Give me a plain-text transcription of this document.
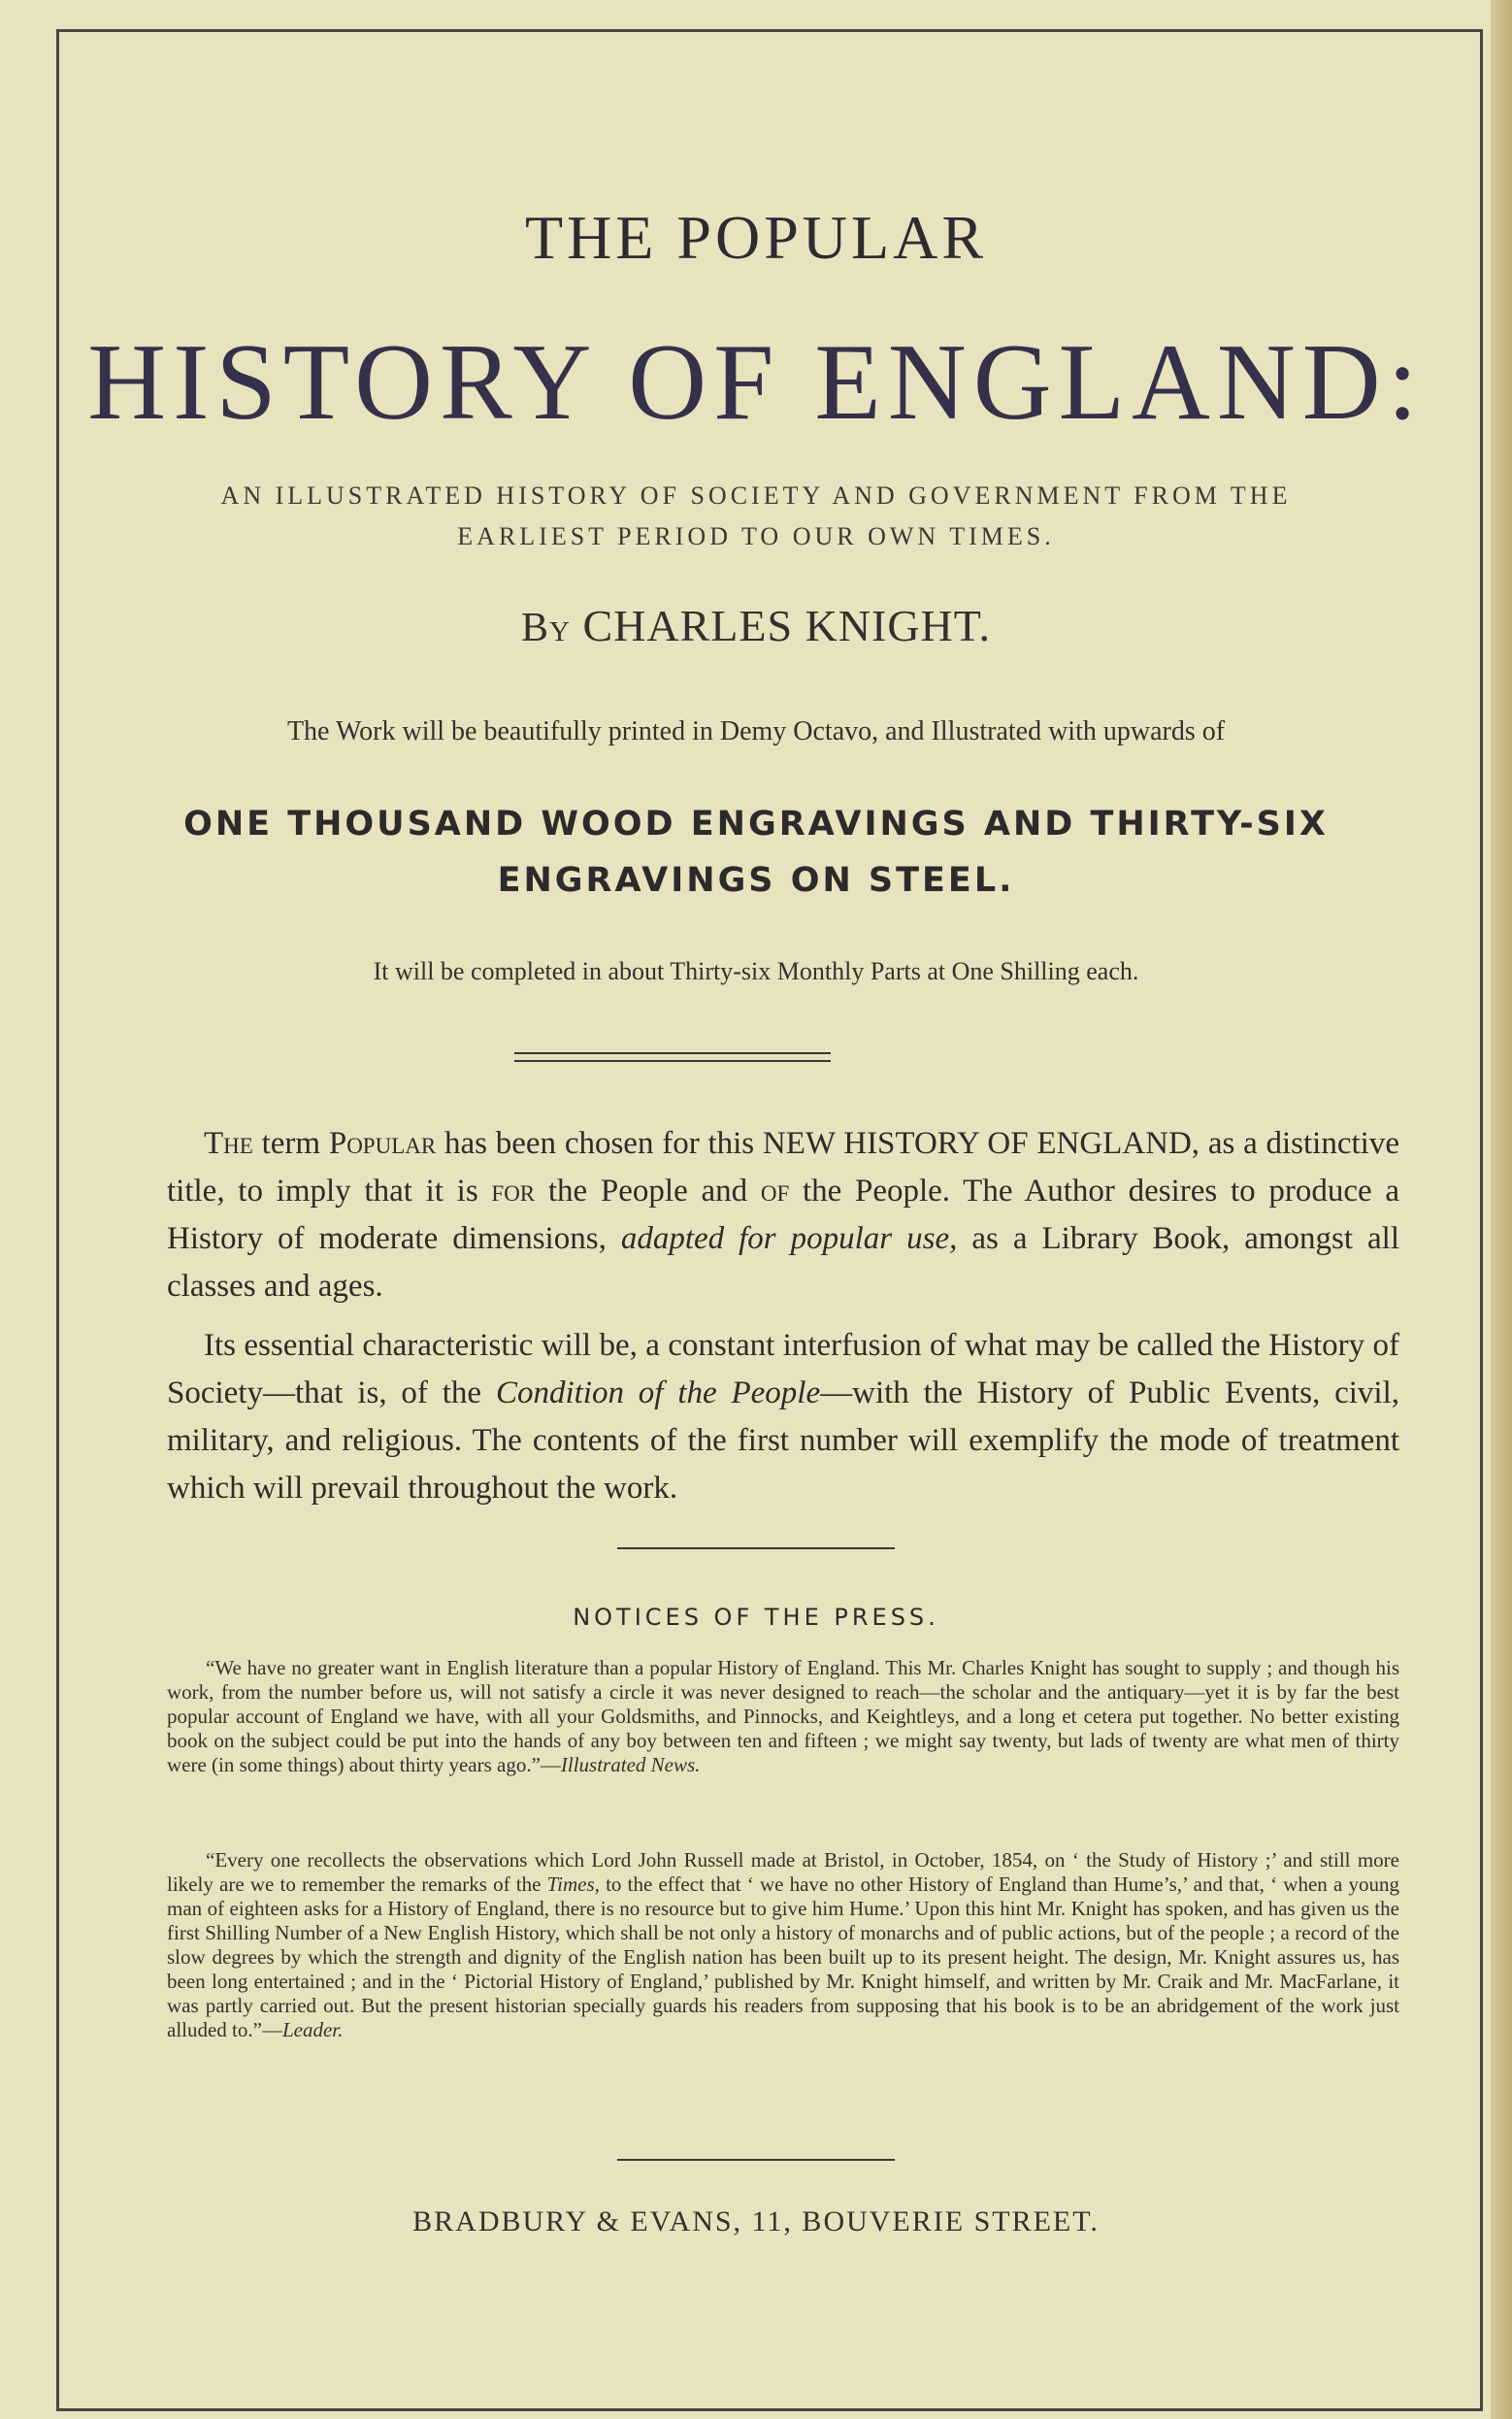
THE POPULAR
HISTORY OF ENGLAND:
AN ILLUSTRATED HISTORY OF SOCIETY AND GOVERNMENT FROM THE
EARLIEST PERIOD TO OUR OWN TIMES.
By CHARLES KNIGHT.
The Work will be beautifully printed in Demy Octavo, and Illustrated with upwards of
ONE THOUSAND WOOD ENGRAVINGS AND THIRTY-SIX
ENGRAVINGS ON STEEL.
It will be completed in about Thirty-six Monthly Parts at One Shilling each.
The term Popular has been chosen for this NEW HISTORY OF ENGLAND, as a distinctive title, to imply that it is for the People and of the People. The Author desires to produce a History of moderate dimensions, adapted for popular use, as a Library Book, amongst all classes and ages.
Its essential characteristic will be, a constant interfusion of what may be called the History of Society—that is, of the Condition of the People—with the History of Public Events, civil, military, and religious. The contents of the first number will exemplify the mode of treatment which will prevail throughout the work.
NOTICES OF THE PRESS.
“We have no greater want in English literature than a popular History of England. This Mr. Charles Knight has sought to supply ; and though his work, from the number before us, will not satisfy a circle it was never designed to reach—the scholar and the antiquary—yet it is by far the best popular account of England we have, with all your Goldsmiths, and Pinnocks, and Keightleys, and a long et cetera put together. No better existing book on the subject could be put into the hands of any boy between ten and fifteen ; we might say twenty, but lads of twenty are what men of thirty were (in some things) about thirty years ago.”—Illustrated News.
“Every one recollects the observations which Lord John Russell made at Bristol, in October, 1854, on ‘ the Study of History ;’ and still more likely are we to remember the remarks of the Times, to the effect that ‘ we have no other History of England than Hume’s,’ and that, ‘ when a young man of eighteen asks for a History of England, there is no resource but to give him Hume.’ Upon this hint Mr. Knight has spoken, and has given us the first Shilling Number of a New English History, which shall be not only a history of monarchs and of public actions, but of the people ; a record of the slow degrees by which the strength and dignity of the English nation has been built up to its present height. The design, Mr. Knight assures us, has been long entertained ; and in the ‘ Pictorial History of England,’ published by Mr. Knight himself, and written by Mr. Craik and Mr. MacFarlane, it was partly carried out. But the present historian specially guards his readers from supposing that his book is to be an abridgement of the work just alluded to.”—Leader.
BRADBURY & EVANS, 11, BOUVERIE STREET.
